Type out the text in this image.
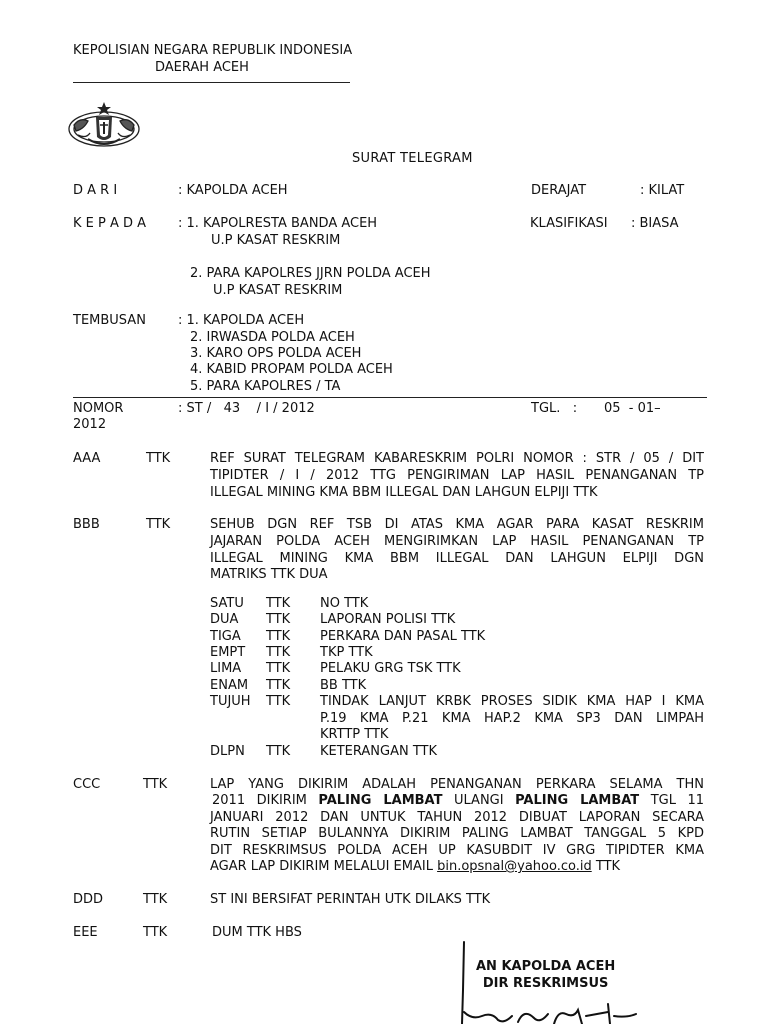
KEPOLISIAN NEGARA REPUBLIK INDONESIA
DAERAH ACEH
SURAT TELEGRAM
D A R I	: KAPOLDA ACEH	DERAJAT	: KILAT
K E P A D A : 1. KAPOLRESTA BANDA ACEH
U.P KASAT RESKRIM
KLASIFIKASI : BIASA
2. PARA KAPOLRES JJRN POLDA ACEH
U.P KASAT RESKRIM
TEMBUSAN : 1. KAPOLDA ACEH
2. IRWASDA POLDA ACEH
3. KARO OPS POLDA ACEH
4. KABID PROPAM POLDA ACEH
5. PARA KAPOLRES / TA
NOMOR	: ST /   43    / I / 2012	TGL.   : 05  - 01–
2012
AAA	TTK	REF SURAT TELEGRAM KABARESKRIM POLRI NOMOR : STR / 05 / DIT
TIPIDTER / I / 2012 TTG PENGIRIMAN LAP HASIL PENANGANAN TP
ILLEGAL MINING KMA BBM ILLEGAL DAN LAHGUN ELPIJI TTK
BBB	TTK	SEHUB DGN REF TSB DI ATAS KMA AGAR PARA KASAT RESKRIM
JAJARAN POLDA ACEH MENGIRIMKAN LAP HASIL PENANGANAN TP
ILLEGAL MINING KMA BBM ILLEGAL DAN LAHGUN ELPIJI DGN
MATRIKS TTK DUA
SATU TTK NO TTK
DUA TTK LAPORAN POLISI TTK
TIGA TTK PERKARA DAN PASAL TTK
EMPT TTK TKP TTK
LIMA TTK PELAKU GRG TSK TTK
ENAM TTK BB TTK
TUJUH TTK TINDAK LANJUT KRBK PROSES SIDIK KMA HAP I KMA
P.19 KMA P.21 KMA HAP.2 KMA SP3 DAN LIMPAH
KRTTP TTK
DLPN TTK KETERANGAN TTK
CCC	TTK	LAP YANG DIKIRIM ADALAH PENANGANAN PERKARA SELAMA THN
2011 DIKIRIM PALING LAMBAT ULANGI PALING LAMBAT TGL 11
JANUARI 2012 DAN UNTUK TAHUN 2012 DIBUAT LAPORAN SECARA
RUTIN SETIAP BULANNYA DIKIRIM PALING LAMBAT TANGGAL 5 KPD
DIT RESKRIMSUS POLDA ACEH UP KASUBDIT IV GRG TIPIDTER KMA
AGAR LAP DIKIRIM MELALUI EMAIL bin.opsnal@yahoo.co.id TTK
DDD	TTK	ST INI BERSIFAT PERINTAH UTK DILAKS TTK
EEE	TTK	DUM TTK HBS
AN KAPOLDA ACEH
DIR RESKRIMSUS
